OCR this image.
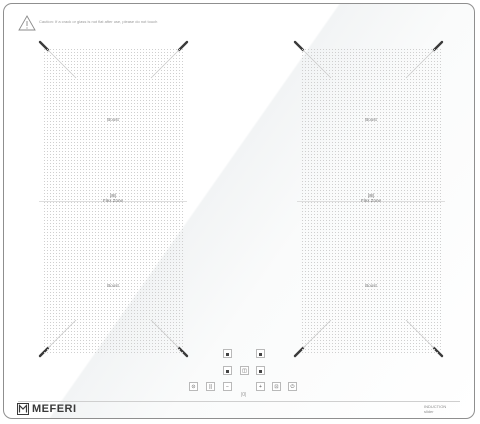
Caution: If a crack or glass is not flat after use, please do not touch
Boost
[⊞]
Flex Zone
Boost
Boost
[⊞]
Flex Zone
Boost
◫
⊙	||	−
|0|
+	⊡	⏻
MEFERI	INDUCTION
slider
